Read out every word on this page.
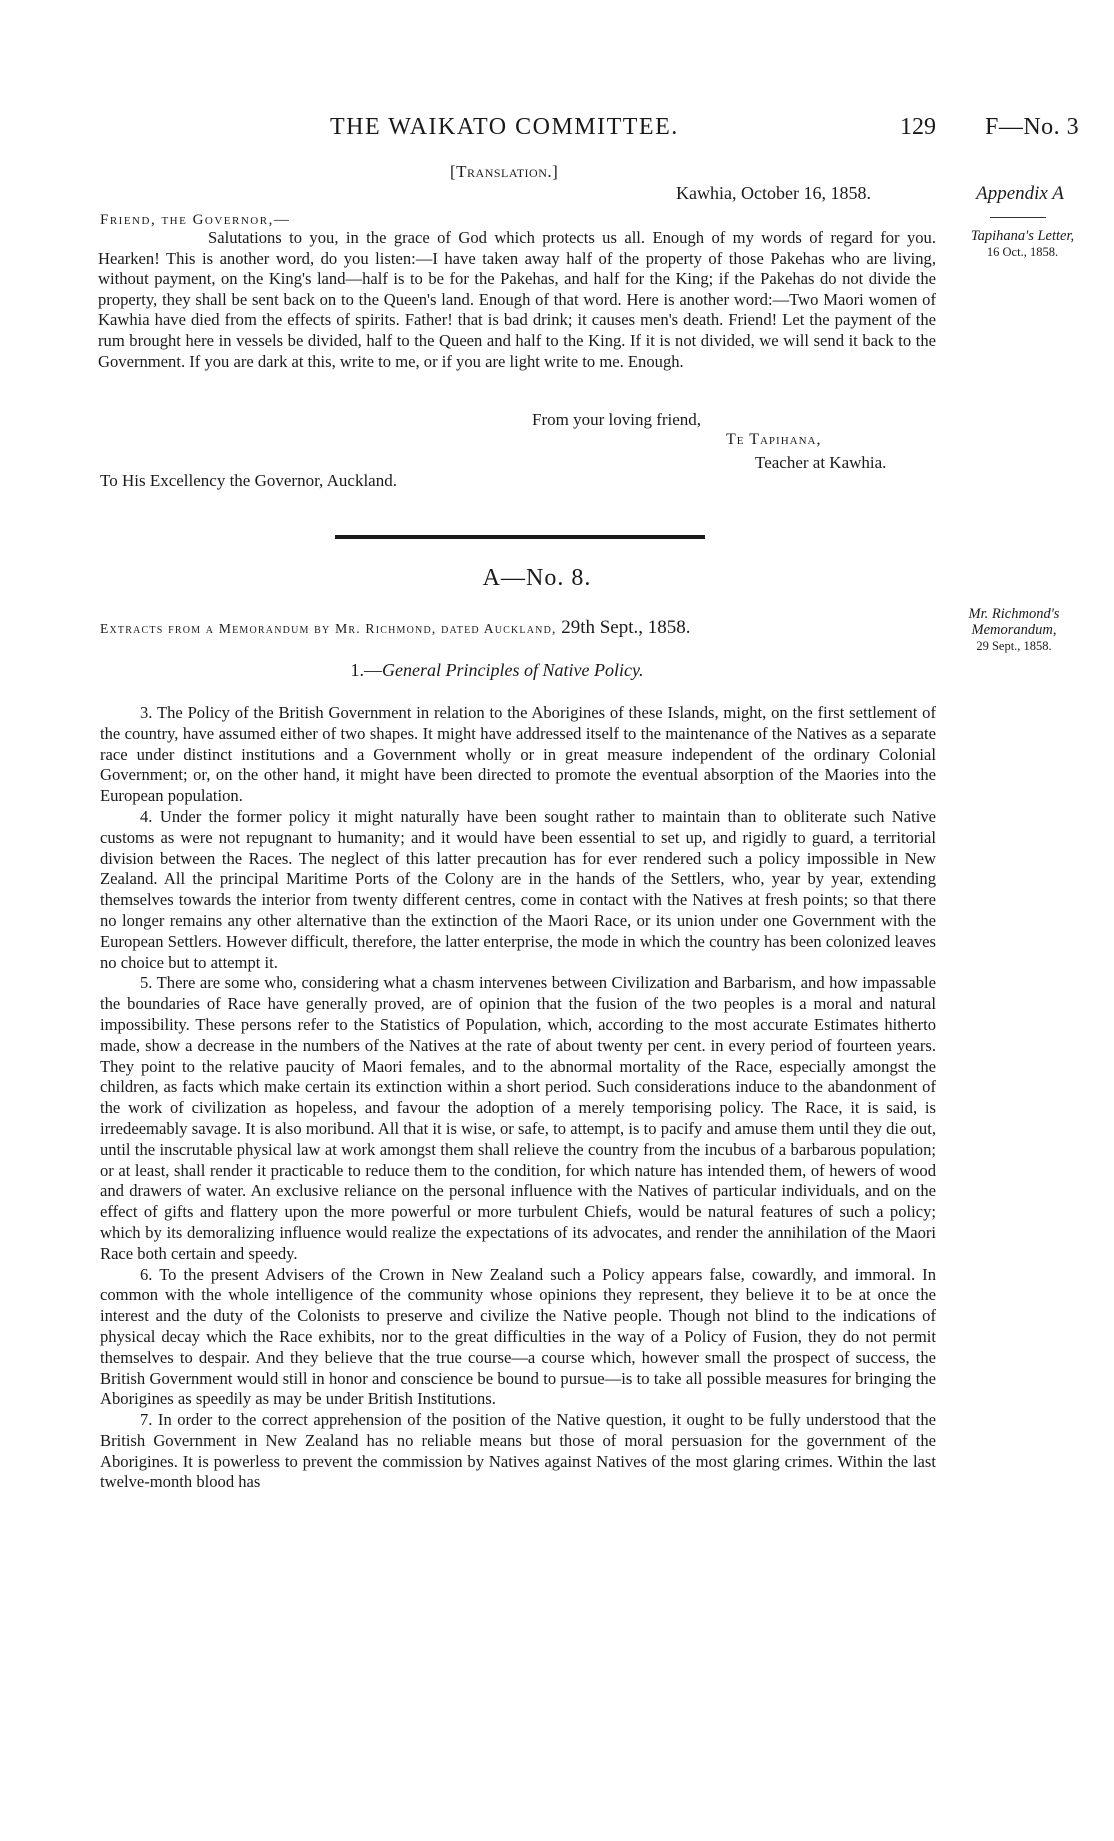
THE WAIKATO COMMITTEE.	129 F—No. 3
[Translation.]
Kawhia, October 16, 1858.	Appendix A
Tapihana's Letter,
16 Oct., 1858.
Friend, the Governor,—

Salutations to you, in the grace of God which protects us all. Enough of my words of regard for you. Hearken! This is another word, do you listen:—I have taken away half of the property of those Pakehas who are living, without payment, on the King's land—half is to be for the Pakehas, and half for the King; if the Pakehas do not divide the property, they shall be sent back on to the Queen's land. Enough of that word. Here is another word:—Two Maori women of Kawhia have died from the effects of spirits. Father! that is bad drink; it causes men's death. Friend! Let the payment of the rum brought here in vessels be divided, half to the Queen and half to the King. If it is not divided, we will send it back to the Government. If you are dark at this, write to me, or if you are light write to me. Enough.

From your loving friend,
Te Tapihana,
Teacher at Kawhia.
To His Excellency the Governor, Auckland.
A—No. 8.
Extracts from a Memorandum by Mr. Richmond, dated Auckland, 29th Sept., 1858.
Mr. Richmond's
Memorandum,
29 Sept., 1858.
1.—General Principles of Native Policy.

3. The Policy of the British Government in relation to the Aborigines of these Islands, might, on the first settlement of the country, have assumed either of two shapes. It might have addressed itself to the maintenance of the Natives as a separate race under distinct institutions and a Government wholly or in great measure independent of the ordinary Colonial Government; or, on the other hand, it might have been directed to promote the eventual absorption of the Maories into the European population.

4. Under the former policy it might naturally have been sought rather to maintain than to obliterate such Native customs as were not repugnant to humanity; and it would have been essential to set up, and rigidly to guard, a territorial division between the Races. The neglect of this latter precaution has for ever rendered such a policy impossible in New Zealand. All the principal Maritime Ports of the Colony are in the hands of the Settlers, who, year by year, extending themselves towards the interior from twenty different centres, come in contact with the Natives at fresh points; so that there no longer remains any other alternative than the extinction of the Maori Race, or its union under one Government with the European Settlers. However difficult, therefore, the latter enterprise, the mode in which the country has been colonized leaves no choice but to attempt it.

5. There are some who, considering what a chasm intervenes between Civilization and Barbarism, and how impassable the boundaries of Race have generally proved, are of opinion that the fusion of the two peoples is a moral and natural impossibility. These persons refer to the Statistics of Population, which, according to the most accurate Estimates hitherto made, show a decrease in the numbers of the Natives at the rate of about twenty per cent. in every period of fourteen years. They point to the relative paucity of Maori females, and to the abnormal mortality of the Race, especially amongst the children, as facts which make certain its extinction within a short period. Such considerations induce to the abandonment of the work of civilization as hopeless, and favour the adoption of a merely temporising policy. The Race, it is said, is irredeemably savage. It is also moribund. All that it is wise, or safe, to attempt, is to pacify and amuse them until they die out, until the inscrutable physical law at work amongst them shall relieve the country from the incubus of a barbarous population; or at least, shall render it practicable to reduce them to the condition, for which nature has intended them, of hewers of wood and drawers of water. An exclusive reliance on the personal influence with the Natives of particular individuals, and on the effect of gifts and flattery upon the more powerful or more turbulent Chiefs, would be natural features of such a policy; which by its demoralizing influence would realize the expectations of its advocates, and render the annihilation of the Maori Race both certain and speedy.

6. To the present Advisers of the Crown in New Zealand such a Policy appears false, cowardly, and immoral. In common with the whole intelligence of the community whose opinions they represent, they believe it to be at once the interest and the duty of the Colonists to preserve and civilize the Native people. Though not blind to the indications of physical decay which the Race exhibits, nor to the great difficulties in the way of a Policy of Fusion, they do not permit themselves to despair. And they believe that the true course—a course which, however small the prospect of success, the British Government would still in honor and conscience be bound to pursue—is to take all possible measures for bringing the Aborigines as speedily as may be under British Institutions.

7. In order to the correct apprehension of the position of the Native question, it ought to be fully understood that the British Government in New Zealand has no reliable means but those of moral persuasion for the government of the Aborigines. It is powerless to prevent the commission by Natives against Natives of the most glaring crimes. Within the last twelve-month blood has
